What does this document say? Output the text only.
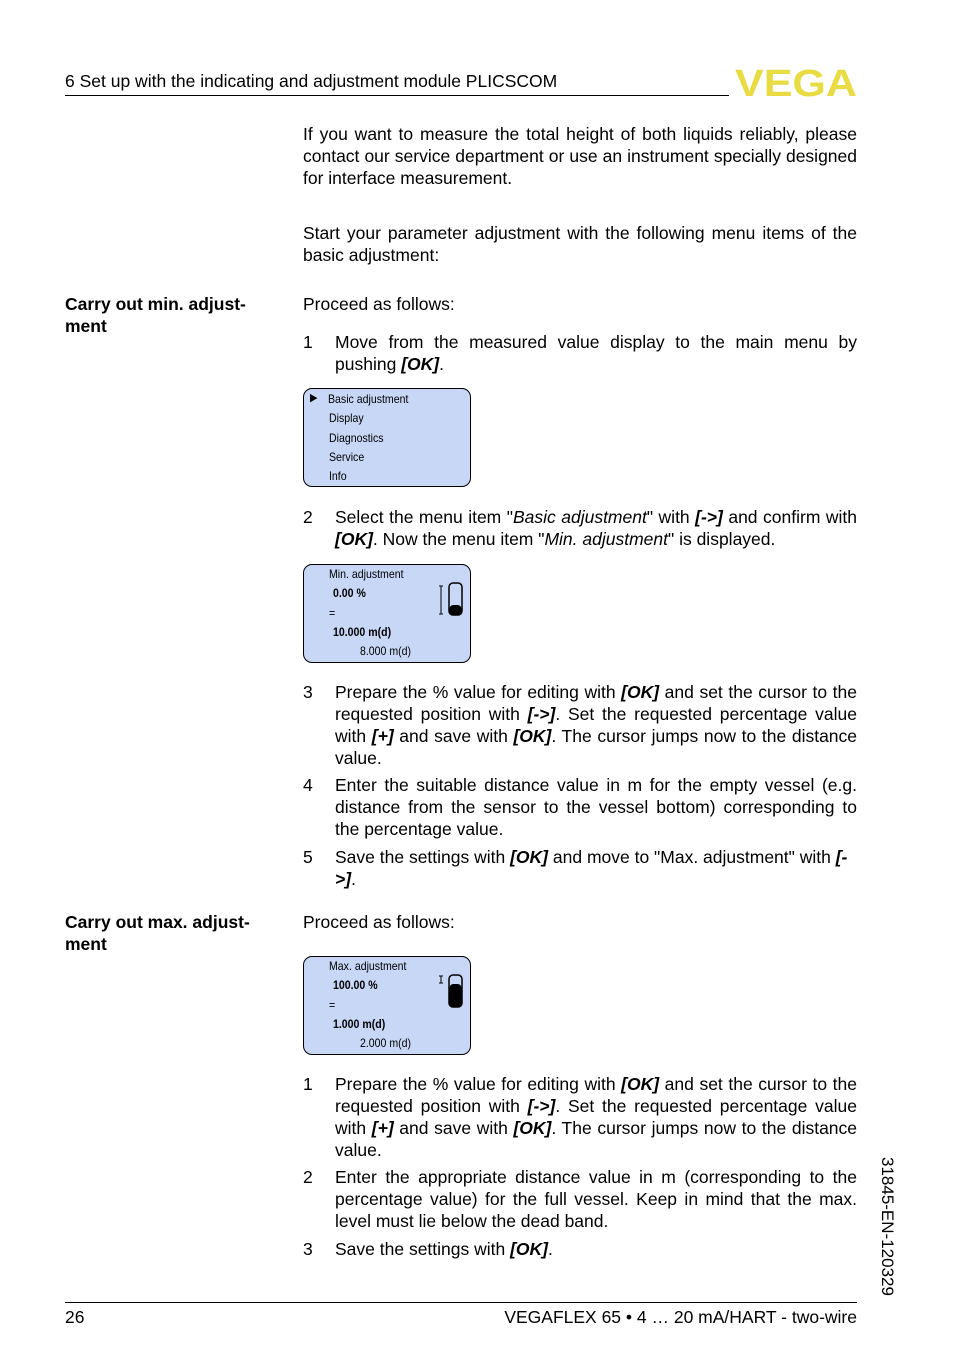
6 Set up with the indicating and adjustment module PLICSCOM	VEGA
If you want to measure the total height of both liquids reliably, please contact our service department or use an instrument specially designed for interface measurement.
Start your parameter adjustment with the following menu items of the basic adjustment:
Carry out min. adjust-ment
Proceed as follows:
1 Move from the measured value display to the main menu by pushing [OK].
▶ Basic adjustment
Display
Diagnostics
Service
Info
2 Select the menu item "Basic adjustment" with [->] and confirm with [OK]. Now the menu item "Min. adjustment" is displayed.
Min. adjustment
0.00 %
=
10.000 m(d)
8.000 m(d)
3 Prepare the % value for editing with [OK] and set the cursor to the requested position with [->]. Set the requested percentage value with [+] and save with [OK]. The cursor jumps now to the distance value.
4 Enter the suitable distance value in m for the empty vessel (e.g. distance from the sensor to the vessel bottom) corresponding to the percentage value.
5 Save the settings with [OK] and move to "Max. adjustment" with [->].
Carry out max. adjust-ment
Proceed as follows:
Max. adjustment
100.00 %
=
1.000 m(d)
2.000 m(d)
1 Prepare the % value for editing with [OK] and set the cursor to the requested position with [->]. Set the requested percentage value with [+] and save with [OK]. The cursor jumps now to the distance value.
2 Enter the appropriate distance value in m (corresponding to the percentage value) for the full vessel. Keep in mind that the max. level must lie below the dead band.
3 Save the settings with [OK].	31845-EN-120329
26	VEGAFLEX 65 • 4 … 20 mA/HART - two-wire
